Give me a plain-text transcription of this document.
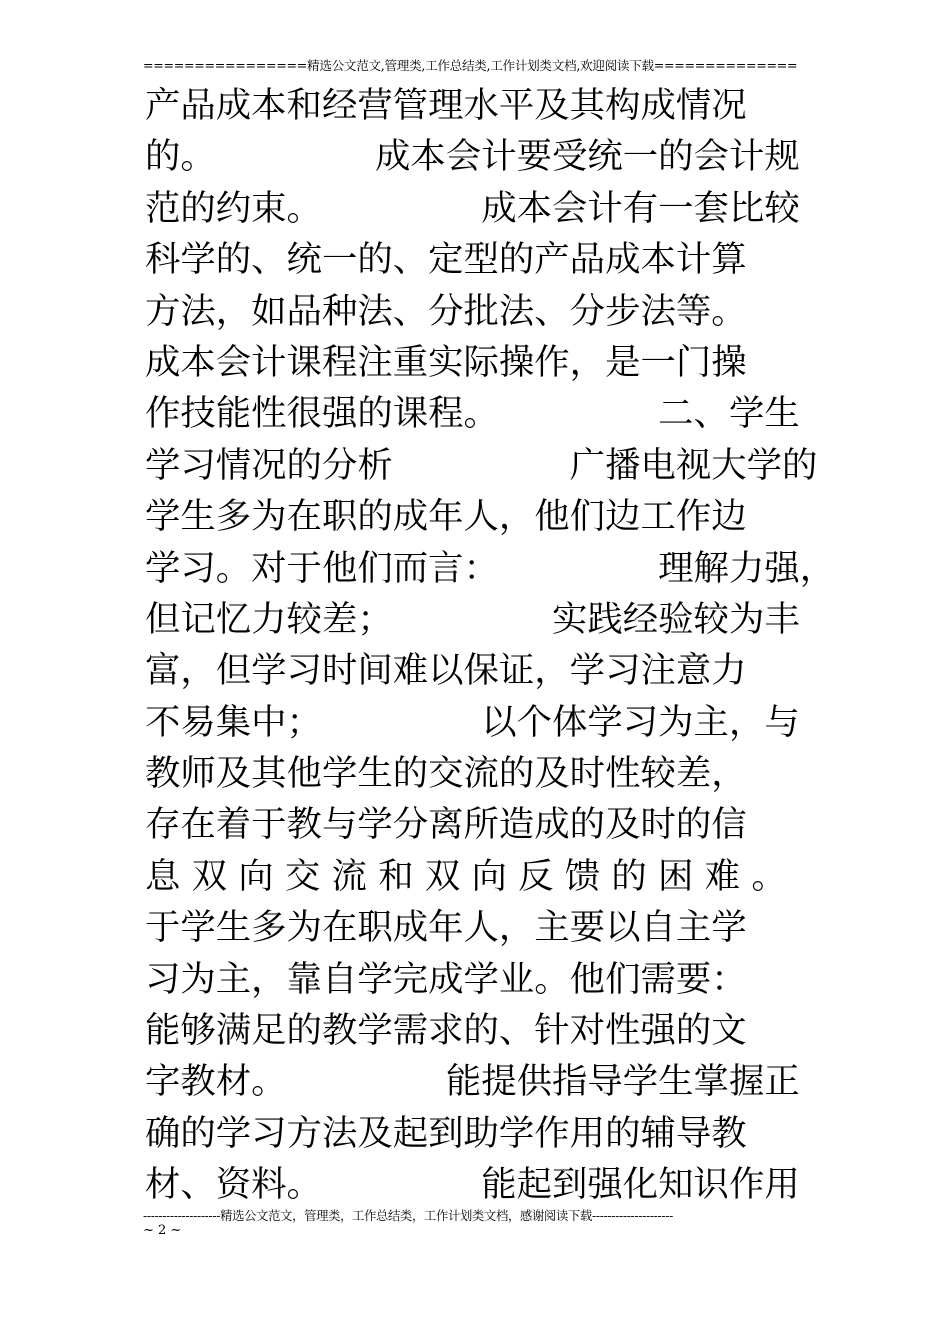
================精选公文范文,管理类,工作总结类,工作计划类文档,欢迎阅读下载==============
产品成本和经营管理水平及其构成情况
的。　　　　　成本会计要受统一的会计规
范的约束。　　　　　成本会计有一套比较
科学的、统一的、定型的产品成本计算
方法，如品种法、分批法、分步法等。
成本会计课程注重实际操作，是一门操
作技能性很强的课程。　　　　　二、学生
学习情况的分析　　　　　广播电视大学的
学生多为在职的成年人，他们边工作边
学习。对于他们而言：　　　　　理解力强，
但记忆力较差；　　　　　实践经验较为丰
富，但学习时间难以保证，学习注意力
不易集中；　　　　　以个体学习为主，与
教师及其他学生的交流的及时性较差，
存在着于教与学分离所造成的及时的信
息 双 向 交 流 和 双 向 反 馈 的 困 难 。
于学生多为在职成年人，主要以自主学
习为主，靠自学完成学业。他们需要：
能够满足的教学需求的、针对性强的文
字教材。　　　　　能提供指导学生掌握正
确的学习方法及起到助学作用的辅导教
材、资料。　　　　　能起到强化知识作用
--------------------精选公文范文，管理类，工作总结类，工作计划类文档，感谢阅读下载---------------------
~ 2 ~
